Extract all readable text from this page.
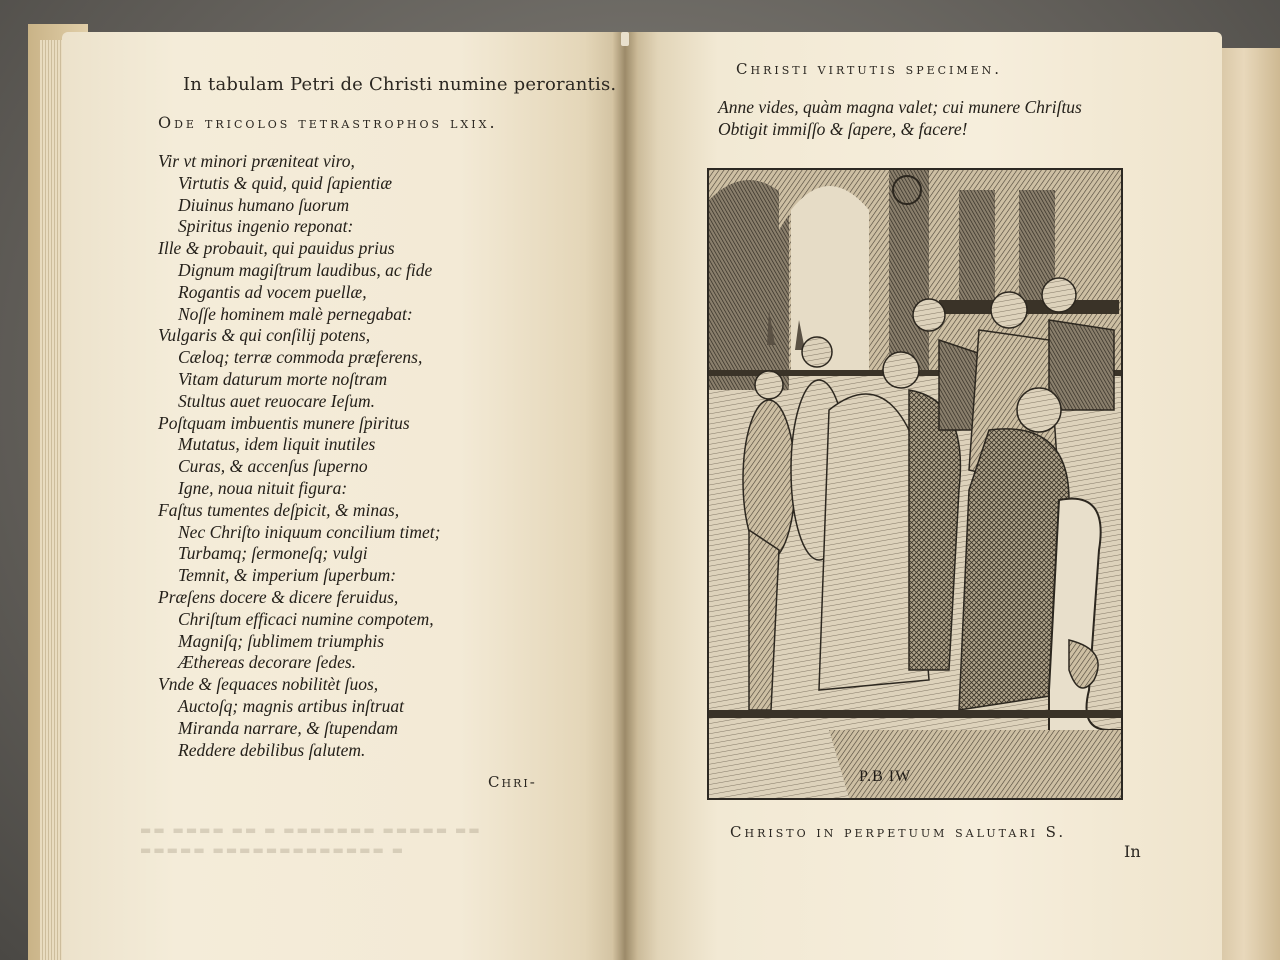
▬▬ ▬▬▬▬ ▬▬ ▬ ▬▬▬▬▬▬▬ ▬▬▬▬▬ ▬▬
▬▬▬▬▬ ▬▬▬▬▬▬▬▬▬▬▬▬▬ ▬
In tabulam Petri de Christi numine perorantis.
Ode tricolos tetrastrophos lxix.
Vir vt minori præniteat viro,
Virtutis & quid, quid ſapientiæ
Diuinus humano ſuorum
Spiritus ingenio reponat:
Ille & probauit, qui pauidus prius
Dignum magiſtrum laudibus, ac fide
Rogantis ad vocem puellæ,
Noſſe hominem malè pernegabat:
Vulgaris & qui conſilij potens,
Cæloq; terræ commoda præferens,
Vitam daturum morte noſtram
Stultus auet reuocare Ieſum.
Poſtquam imbuentis munere ſpiritus
Mutatus, idem liquit inutiles
Curas, & accenſus ſuperno
Igne, noua nituit figura:
Faſtus tumentes deſpicit, & minas,
Nec Chriſto iniquum concilium timet;
Turbamq; ſermoneſq; vulgi
Temnit, & imperium ſuperbum:
Præſens docere & dicere feruidus,
Chriſtum efficaci numine compotem,
Magniſq; ſublimem triumphis
Æthereas decorare ſedes.
Vnde & ſequaces nobilitèt ſuos,
Auctoſq; magnis artibus inſtruat
Miranda narrare, & ſtupendam
Reddere debilibus ſalutem.
Chri-
Christi virtutis specimen.
Anne vides, quàm magna valet; cui munere Chriſtus
Obtigit immiſſo & ſapere, & facere!
P.B IW
Christo in perpetuum salutari S.
In
